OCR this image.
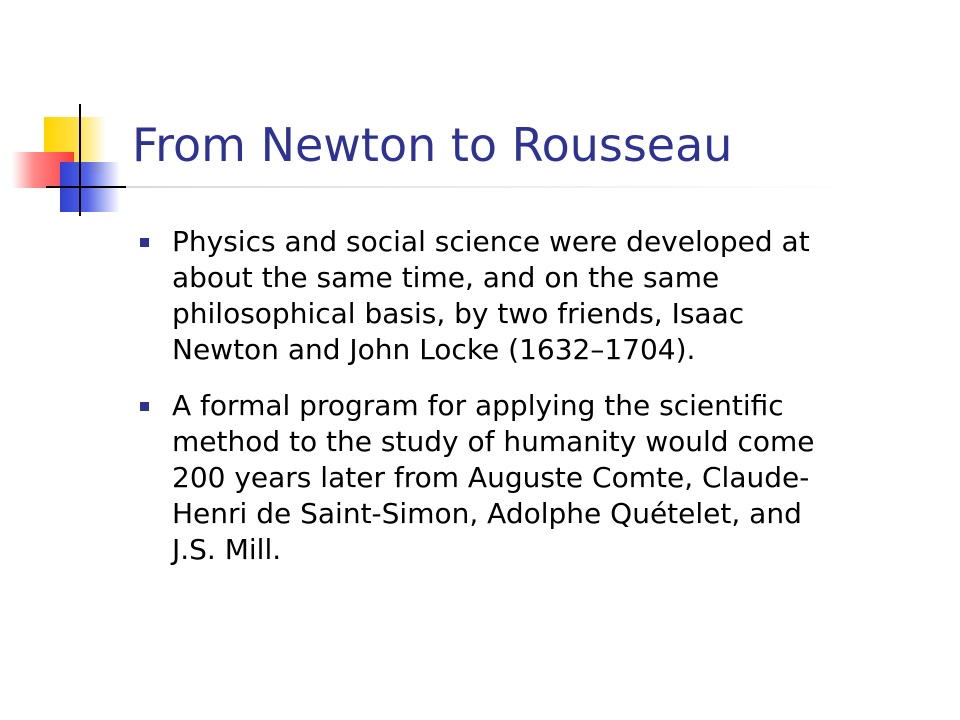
From Newton to Rousseau
Physics and social science were developed at
about the same time, and on the same
philosophical basis, by two friends, Isaac
Newton and John Locke (1632–1704).
A formal program for applying the scientific
method to the study of humanity would come
200 years later from Auguste Comte, Claude-
Henri de Saint-Simon, Adolphe Quételet, and
J.S. Mill.
